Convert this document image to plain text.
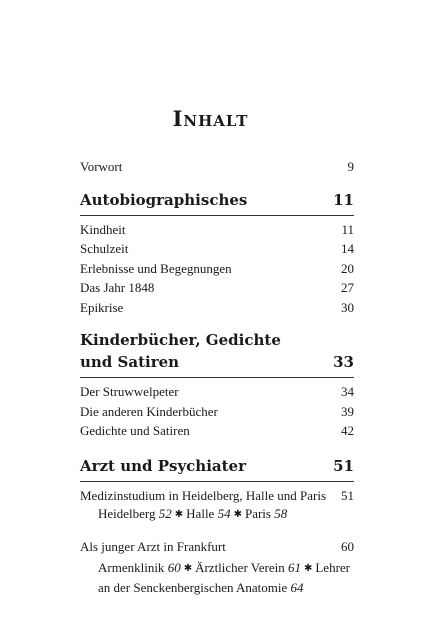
Inhalt
Vorwort	9
Autobiographisches	11
Kindheit	11
Schulzeit	14
Erlebnisse und Begegnungen	20
Das Jahr 1848	27
Epikrise	30
Kinderbücher, Gedichte
und Satiren	33
Der Struwwelpeter	34
Die anderen Kinderbücher	39
Gedichte und Satiren	42
Arzt und Psychiater	51
Medizinstudium in Heidelberg, Halle und Paris 51
Heidelberg 52 ✱ Halle 54 ✱ Paris 58
Als junger Arzt in Frankfurt	60
Armenklinik 60 ✱ Ärztlicher Verein 61 ✱ Lehrer an der Senckenbergischen Anatomie 64
